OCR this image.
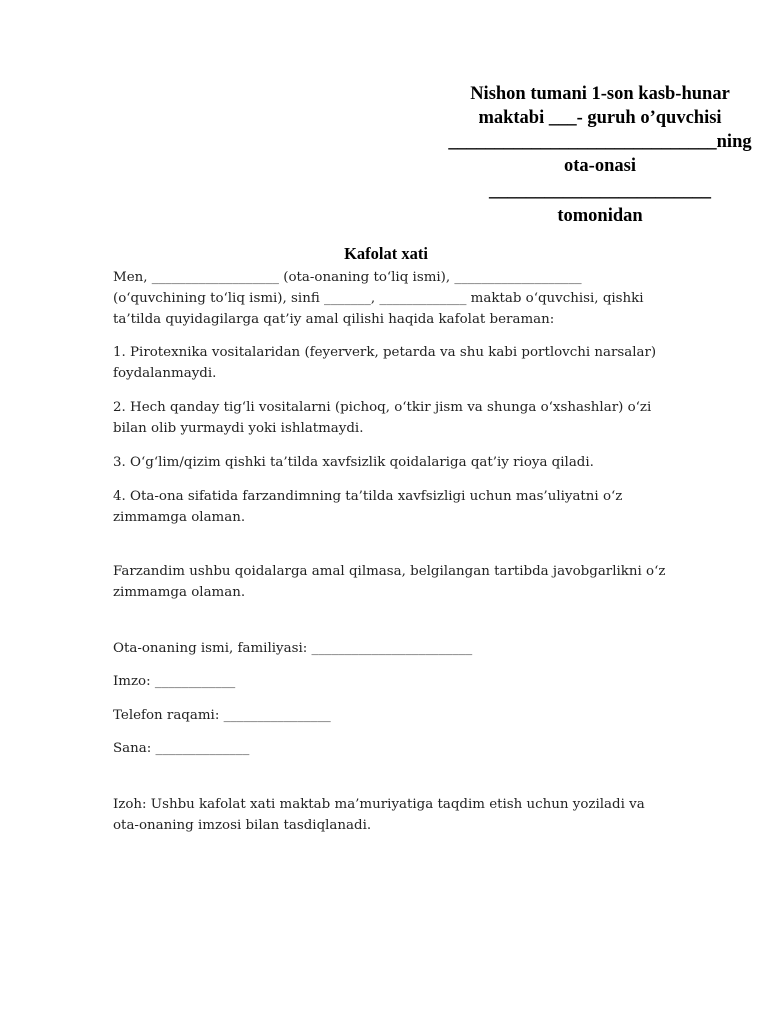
Nishon tumani 1-son kasb-hunar
maktabi ___- guruh o’quvchisi
_____________________________ning
ota-onasi
________________________
tomonidan
Kafolat xati

Men, ___________________ (ota-onaning to‘liq ismi), ___________________ (o‘quvchining to‘liq ismi), sinfi _______, _____________ maktab o‘quvchisi, qishki ta’tilda quyidagilarga qat’iy amal qilishi haqida kafolat beraman:

1. Pirotexnika vositalaridan (feyerverk, petarda va shu kabi portlovchi narsalar) foydalanmaydi.

2. Hech qanday tig‘li vositalarni (pichoq, o‘tkir jism va shunga o‘xshashlar) o‘zi bilan olib yurmaydi yoki ishlatmaydi.

3. O‘g‘lim/qizim qishki ta’tilda xavfsizlik qoidalariga qat’iy rioya qiladi.

4. Ota-ona sifatida farzandimning ta’tilda xavfsizligi uchun mas’uliyatni o‘z zimmamga olaman.

Farzandim ushbu qoidalarga amal qilmasa, belgilangan tartibda javobgarlikni o‘z zimmamga olaman.

Ota-onaning ismi, familiyasi: ________________________

Imzo: ____________

Telefon raqami: ________________

Sana: ______________

Izoh: Ushbu kafolat xati maktab ma’muriyatiga taqdim etish uchun yoziladi va ota-onaning imzosi bilan tasdiqlanadi.
